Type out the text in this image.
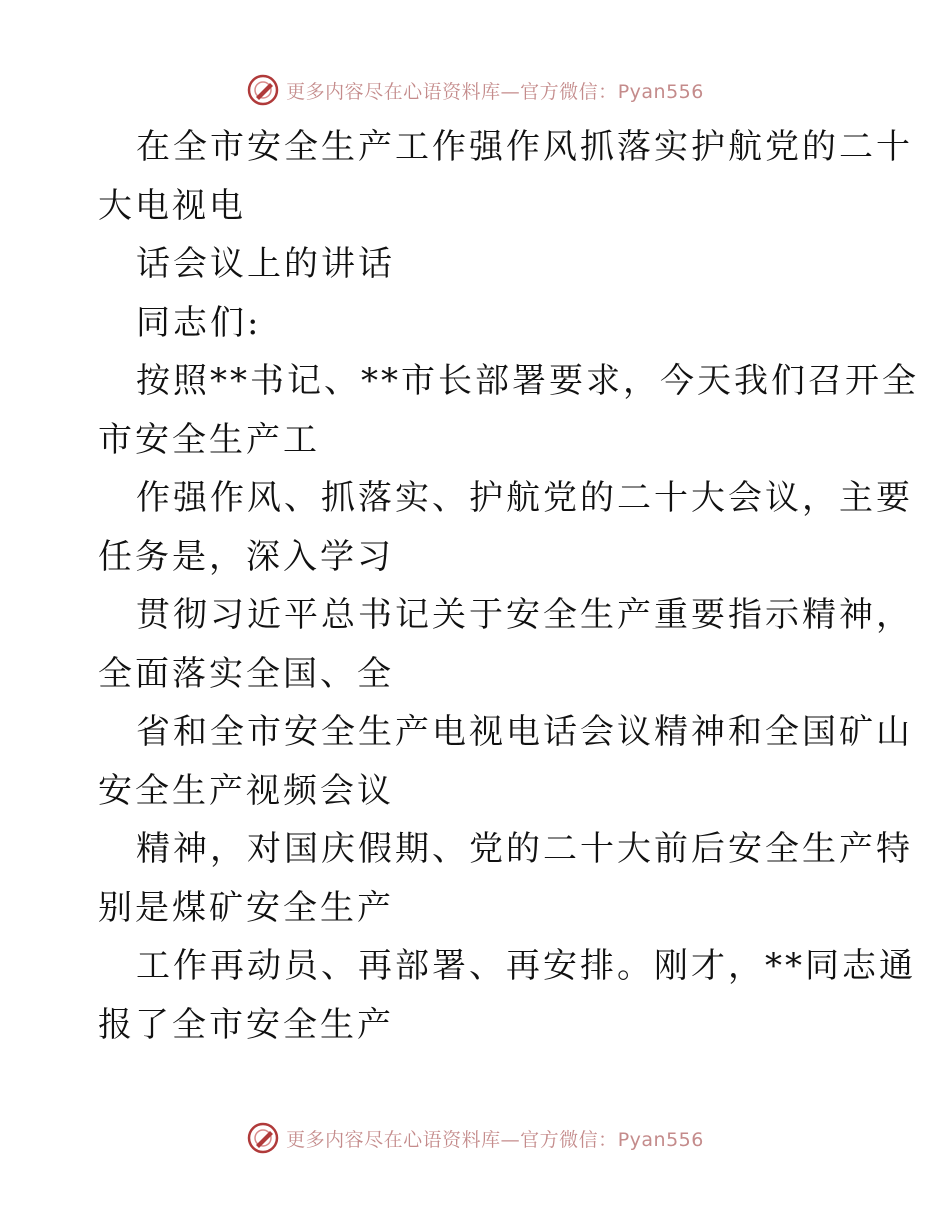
更多内容尽在心语资料库—官方微信：Pyan556
在全市安全生产工作强作风抓落实护航党的二十
大电视电
话会议上的讲话
同志们:
按照**书记、**市长部署要求，今天我们召开全
市安全生产工
作强作风、抓落实、护航党的二十大会议，主要
任务是，深入学习
贯彻习近平总书记关于安全生产重要指示精神，
全面落实全国、全
省和全市安全生产电视电话会议精神和全国矿山
安全生产视频会议
精神，对国庆假期、党的二十大前后安全生产特
别是煤矿安全生产
工作再动员、再部署、再安排。刚才，**同志通
报了全市安全生产
更多内容尽在心语资料库—官方微信：Pyan556
